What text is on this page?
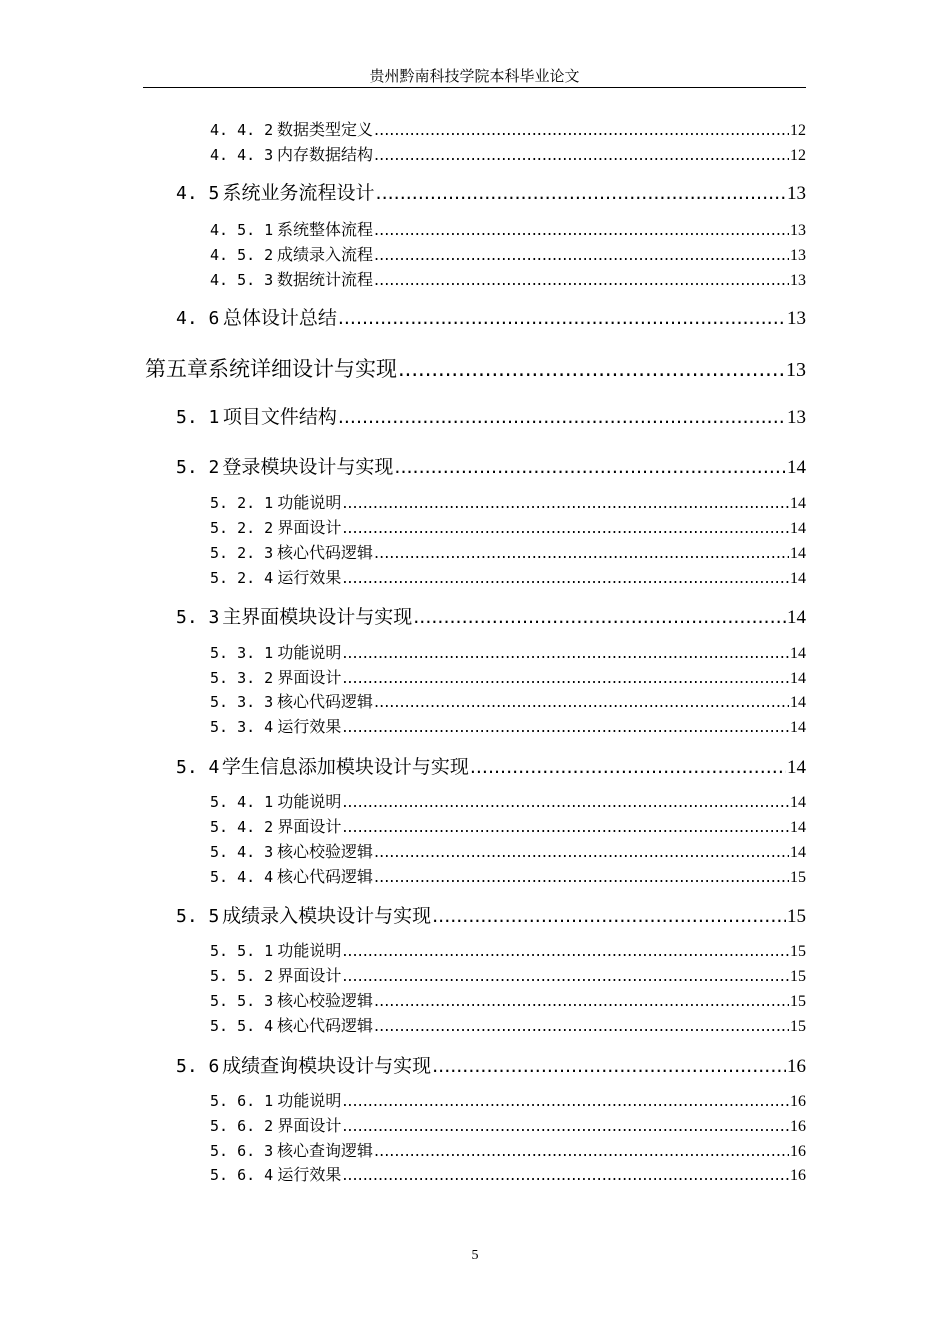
贵州黔南科技学院本科毕业论文
4. 4. 2 数据类型定义 .....	12
4. 4. 3 内存数据结构 .....	12
4. 5 系统业务流程设计 .....	13
4. 5. 1 系统整体流程 .....	13
4. 5. 2 成绩录入流程 .....	13
4. 5. 3 数据统计流程 .....	13
4. 6 总体设计总结 .....	13
第五章系统详细设计与实现 .....	13
5. 1 项目文件结构 .....	13
5. 2 登录模块设计与实现 .....	14
5. 2. 1 功能说明 .....	14
5. 2. 2 界面设计 .....	14
5. 2. 3 核心代码逻辑 .....	14
5. 2. 4 运行效果 .....	14
5. 3 主界面模块设计与实现 .....	14
5. 3. 1 功能说明 .....	14
5. 3. 2 界面设计 .....	14
5. 3. 3 核心代码逻辑 .....	14
5. 3. 4 运行效果 .....	14
5. 4 学生信息添加模块设计与实现 .....	14
5. 4. 1 功能说明 .....	14
5. 4. 2 界面设计 .....	14
5. 4. 3 核心校验逻辑 .....	14
5. 4. 4 核心代码逻辑 .....	15
5. 5 成绩录入模块设计与实现 .....	15
5. 5. 1 功能说明 .....	15
5. 5. 2 界面设计 .....	15
5. 5. 3 核心校验逻辑 .....	15
5. 5. 4 核心代码逻辑 .....	15
5. 6 成绩查询模块设计与实现 .....	16
5. 6. 1 功能说明 .....	16
5. 6. 2 界面设计 .....	16
5. 6. 3 核心查询逻辑 .....	16
5. 6. 4 运行效果 .....	16
5
